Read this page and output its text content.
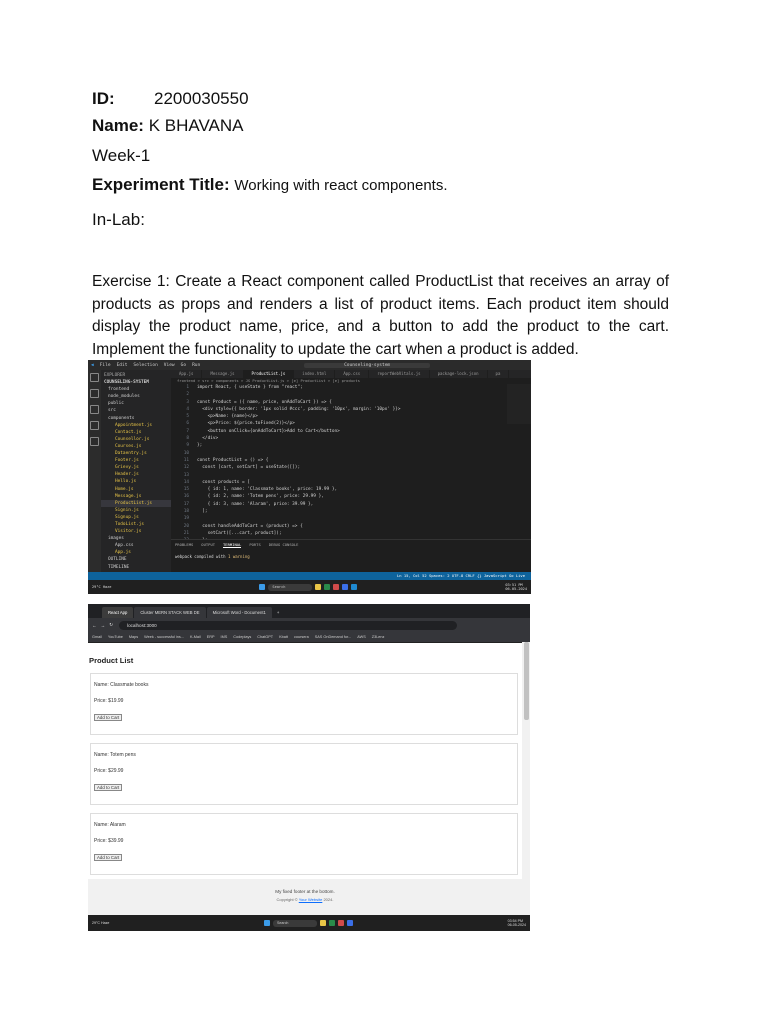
ID:	2200030550

Name: K BHAVANA

Week-1

Experiment Title: Working with react components.

In-Lab:

Exercise 1: Create a React component called ProductList that receives an array of products as props and renders a list of product items. Each product item should display the product name, price, and a button to add the product to the cart. Implement the functionality to update the cart when a product is added.

◀ File Edit Selection View Go Run	Counseling-system
EXPLORER
COUNSELING-SYSTEM
frontend
node_modules
public
src
components
Appointment.js
Contact.js
Counsellor.js
Courses.js
Dataentry.js
Footer.js
Grievy.js
Header.js
Hello.js
Home.js
Message.js
ProductList.js
Signin.js
Signup.js
TodoList.js
Visitor.js
images
App.css
App.js
OUTLINE
TIMELINE
App.js	Message.js	ProductList.js	index.html	App.css	reportWebVitals.js	package-lock.json	pa
frontend > src > components > JS ProductList.js > [e] ProductList > [e] products
1	import React, { useState } from "react";
2
3	const Product = ({ name, price, onAddToCart }) => {
4	<div style={{ border: '1px solid #ccc', padding: '10px', margin: '10px' }}>
5	<p>Name: {name}</p>
6	<p>Price: ${price.toFixed(2)}</p>
7	<button onClick={onAddToCart}>Add to Cart</button>
8	</div>
9	};
10
11	const ProductList = () => {
12	const [cart, setCart] = useState([]);
13
14	const products = [
15	{ id: 1, name: 'Classmate books', price: 19.99 },
16	{ id: 2, name: 'Totem pens', price: 29.99 },
17	{ id: 3, name: 'Alaram', price: 39.99 },
18	];
19
20	const handleAddToCart = (product) => {
21	setCart([...cart, product]);
PROBLEMS OUTPUT TERMINAL PORTS DEBUG CONSOLE
webpack compiled with 1 warning
Ln 15, Col 52 Spaces: 2 UTF-8 CRLF {} JavaScript Go Live
29°C Haze	Search	03:51 PM
06-05-2024
React App	Cluster MERN STACK WEB DE	Microsoft Word - Document1	+
← → ↻	localhost:3000
Gmail YouTube Maps Week - successful ins... K-Mail ERP IMS Codeplays ChatGPT Kbatt coursera SAS OnDemand for... AWS Z3Lenz
Product List
Name: Classmate books
Price: $19.99
Add to Cart
Name: Totem pens
Price: $29.99
Add to Cart
Name: Alaram
Price: $39.99
Add to Cart
My fixed footer at the bottom.
Copyright © Your Website 2024.
29°C Haze	Search	03:54 PM
06-05-2024
